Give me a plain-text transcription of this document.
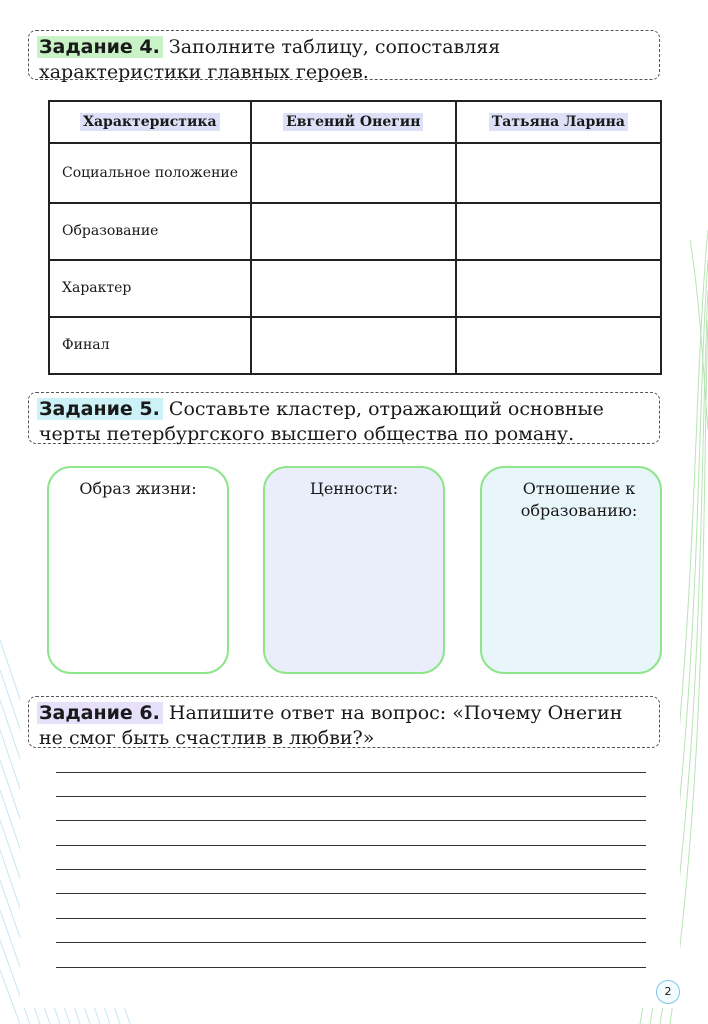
Задание 4. Заполните таблицу, сопоставляя характеристики главных героев.
Характеристика	Евгений Онегин	Татьяна Ларина
Социальное положение		
Образование		
Характер		
Финал		
Задание 5. Составьте кластер, отражающий основные черты петербургского высшего общества по роману.
Образ жизни:	Ценности:	Отношение к образованию:
Задание 6. Напишите ответ на вопрос: «Почему Онегин не смог быть счастлив в любви?»
2
